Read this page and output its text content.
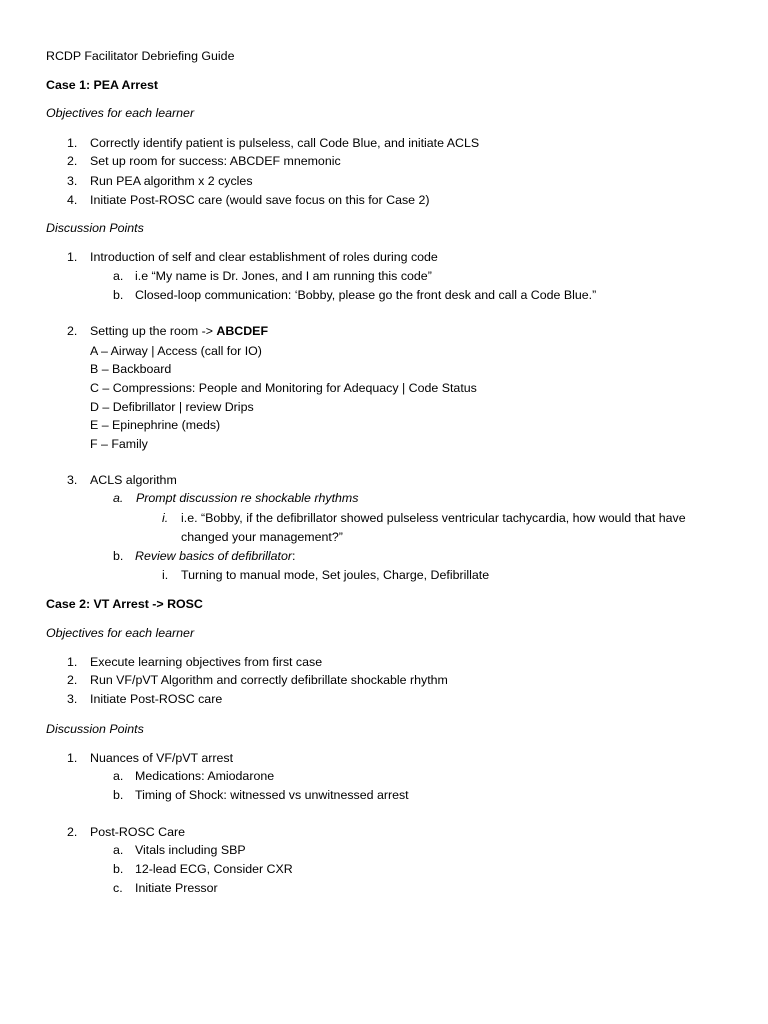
RCDP Facilitator Debriefing Guide
Case 1: PEA Arrest
Objectives for each learner
1. Correctly identify patient is pulseless, call Code Blue, and initiate ACLS
2. Set up room for success: ABCDEF mnemonic
3. Run PEA algorithm x 2 cycles
4. Initiate Post-ROSC care (would save focus on this for Case 2)
Discussion Points
1. Introduction of self and clear establishment of roles during code
a. i.e “My name is Dr. Jones, and I am running this code”
b. Closed-loop communication: ‘Bobby, please go the front desk and call a Code Blue.”
2. Setting up the room -> ABCDEF
A – Airway | Access (call for IO)
B – Backboard
C – Compressions: People and Monitoring for Adequacy | Code Status
D – Defibrillator | review Drips
E – Epinephrine (meds)
F – Family
3. ACLS algorithm
a. Prompt discussion re shockable rhythms
i. i.e. “Bobby, if the defibrillator showed pulseless ventricular tachycardia, how would that have
changed your management?”
b. Review basics of defibrillator:
i. Turning to manual mode, Set joules, Charge, Defibrillate
Case 2: VT Arrest -> ROSC
Objectives for each learner
1. Execute learning objectives from first case
2. Run VF/pVT Algorithm and correctly defibrillate shockable rhythm
3. Initiate Post-ROSC care
Discussion Points
1. Nuances of VF/pVT arrest
a. Medications: Amiodarone
b. Timing of Shock: witnessed vs unwitnessed arrest
2. Post-ROSC Care
a. Vitals including SBP
b. 12-lead ECG, Consider CXR
c. Initiate Pressor
